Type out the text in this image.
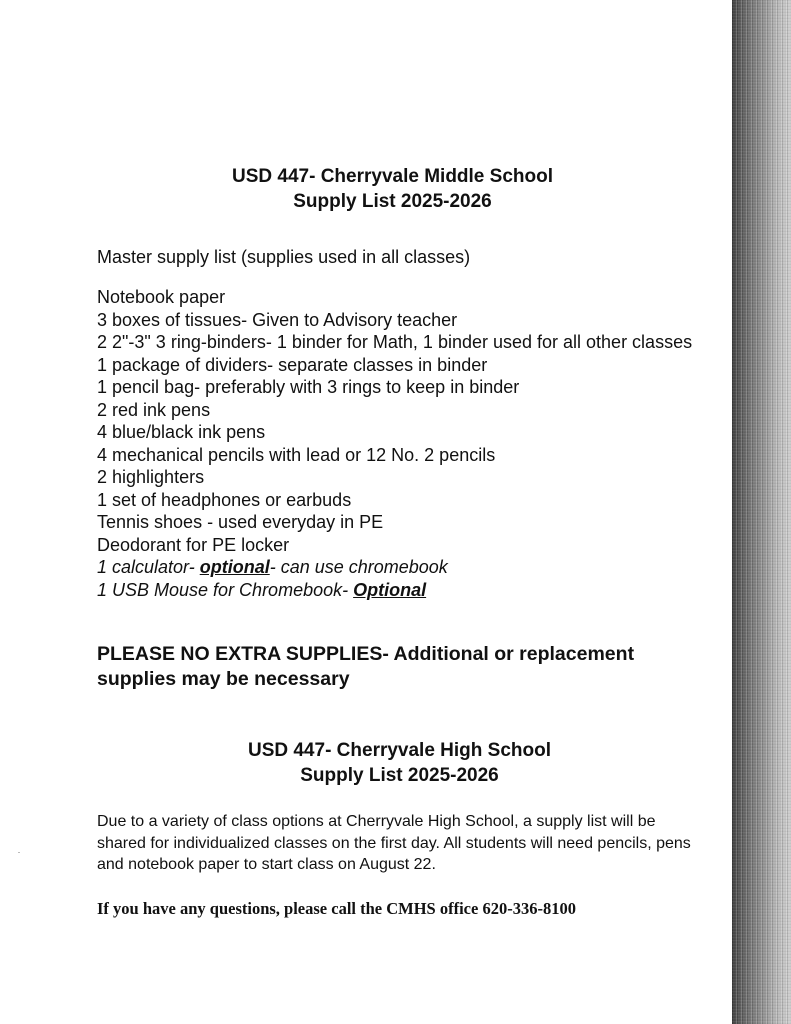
USD 447- Cherryvale Middle School
Supply List 2025-2026
Master supply list (supplies used in all classes)
Notebook paper
3 boxes of tissues- Given to Advisory teacher
2 2"-3" 3 ring-binders- 1 binder for Math, 1 binder used for all other classes
1 package of dividers- separate classes in binder
1 pencil bag- preferably with 3 rings to keep in binder
2 red ink pens
4 blue/black ink pens
4 mechanical pencils with lead or 12 No. 2 pencils
2 highlighters
1 set of headphones or earbuds
Tennis shoes - used everyday in PE
Deodorant for PE locker
1 calculator- optional- can use chromebook
1 USB Mouse for Chromebook- Optional
PLEASE NO EXTRA SUPPLIES- Additional or replacement supplies may be necessary
USD 447- Cherryvale High School
Supply List 2025-2026
Due to a variety of class options at Cherryvale High School, a supply list will be shared for individualized classes on the first day. All students will need pencils, pens and notebook paper to start class on August 22.
If you have any questions, please call the CMHS office 620-336-8100
